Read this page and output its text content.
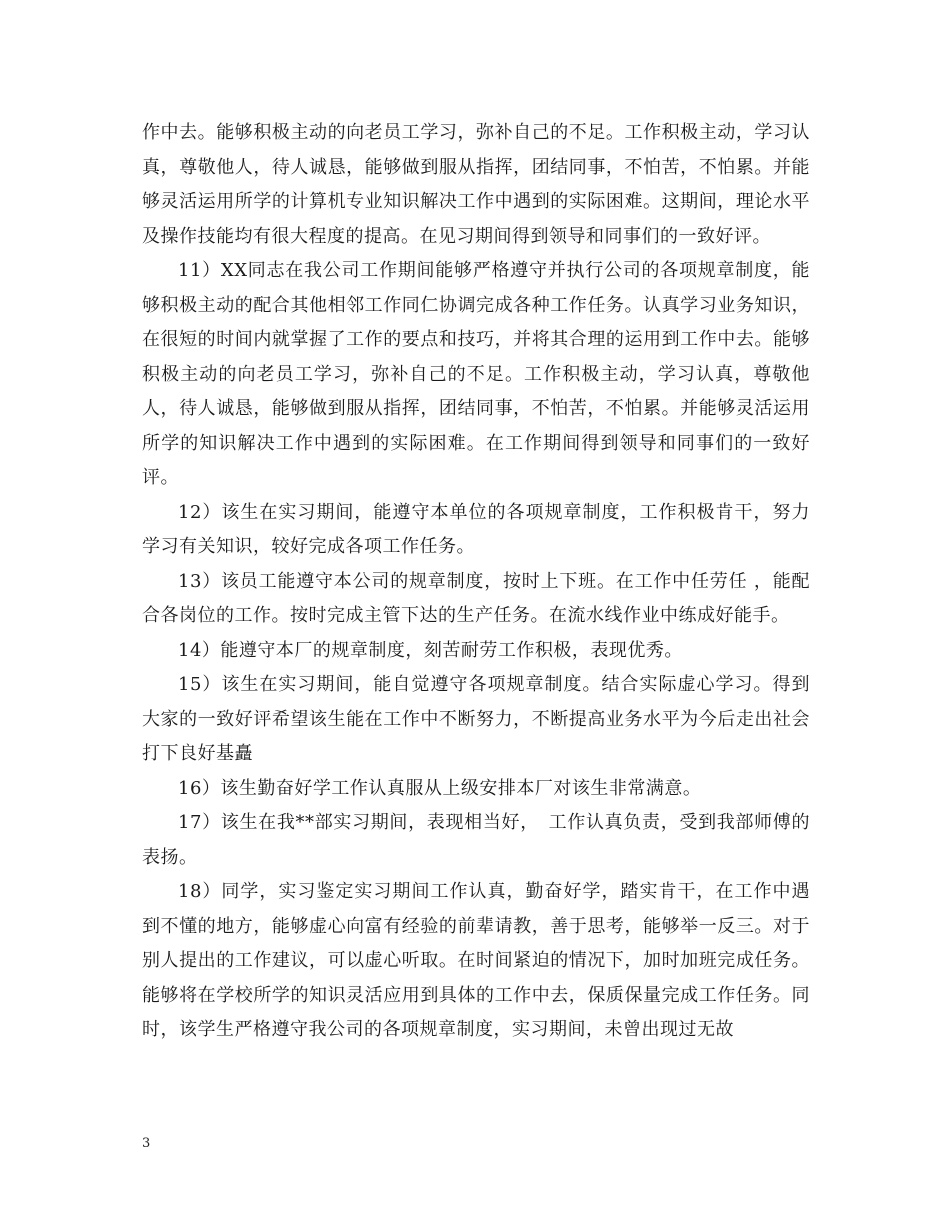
作中去。能够积极主动的向老员工学习，弥补自己的不足。工作积极主动，学习认真，尊敬他人，待人诚恳，能够做到服从指挥，团结同事，不怕苦，不怕累。并能够灵活运用所学的计算机专业知识解决工作中遇到的实际困难。这期间，理论水平及操作技能均有很大程度的提高。在见习期间得到领导和同事们的一致好评。

11）XX同志在我公司工作期间能够严格遵守并执行公司的各项规章制度，能够积极主动的配合其他相邻工作同仁协调完成各种工作任务。认真学习业务知识，在很短的时间内就掌握了工作的要点和技巧，并将其合理的运用到工作中去。能够积极主动的向老员工学习，弥补自己的不足。工作积极主动，学习认真，尊敬他人，待人诚恳，能够做到服从指挥，团结同事，不怕苦，不怕累。并能够灵活运用所学的知识解决工作中遇到的实际困难。在工作期间得到领导和同事们的一致好评。

12）该生在实习期间，能遵守本单位的各项规章制度，工作积极肯干，努力学习有关知识，较好完成各项工作任务。

13）该员工能遵守本公司的规章制度，按时上下班。在工作中任劳任 ，能配合各岗位的工作。按时完成主管下达的生产任务。在流水线作业中练成好能手。

14）能遵守本厂的规章制度，刻苦耐劳工作积极，表现优秀。

15）该生在实习期间，能自觉遵守各项规章制度。结合实际虚心学习。得到大家的一致好评希望该生能在工作中不断努力，不断提高业务水平为今后走出社会打下良好基矗

16）该生勤奋好学工作认真服从上级安排本厂对该生非常满意。

17）该生在我**部实习期间，表现相当好，　工作认真负责，受到我部师傅的表扬。

18）同学，实习鉴定实习期间工作认真，勤奋好学，踏实肯干，在工作中遇到不懂的地方，能够虚心向富有经验的前辈请教，善于思考，能够举一反三。对于别人提出的工作建议，可以虚心听取。在时间紧迫的情况下，加时加班完成任务。能够将在学校所学的知识灵活应用到具体的工作中去，保质保量完成工作任务。同时，该学生严格遵守我公司的各项规章制度，实习期间，未曾出现过无故

3
